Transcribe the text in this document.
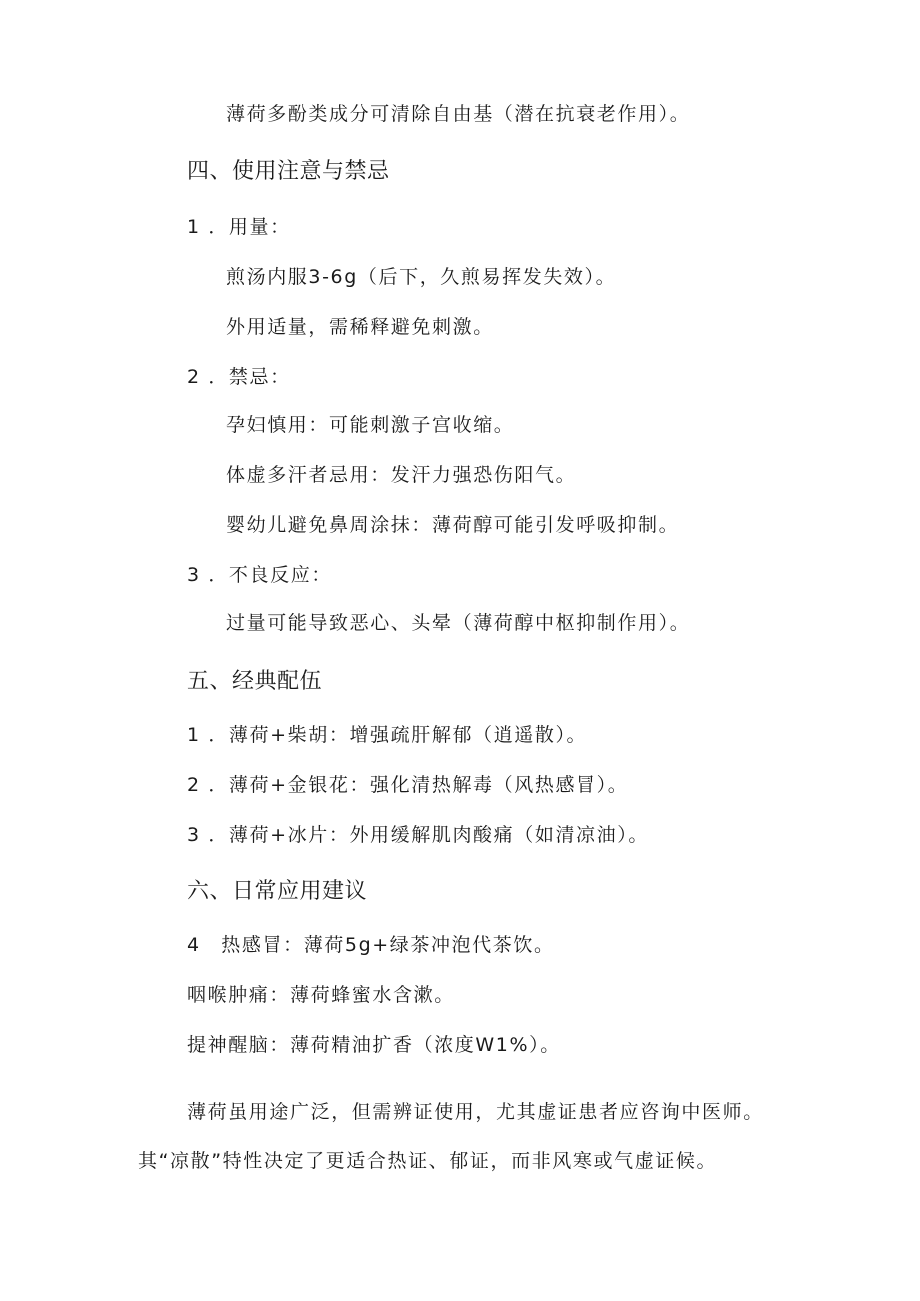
薄荷多酚类成分可清除自由基（潜在抗衰老作用）。
四、使用注意与禁忌
1 ．用量：
煎汤内服3-6g（后下，久煎易挥发失效）。
外用适量，需稀释避免刺激。
2 ．禁忌：
孕妇慎用：可能刺激子宫收缩。
体虚多汗者忌用：发汗力强恐伤阳气。
婴幼儿避免鼻周涂抹：薄荷醇可能引发呼吸抑制。
3 ．不良反应：
过量可能导致恶心、头晕（薄荷醇中枢抑制作用）。
五、经典配伍
1 ．薄荷+柴胡：增强疏肝解郁（逍遥散）。
2 ．薄荷+金银花：强化清热解毒（风热感冒）。
3 ．薄荷+冰片：外用缓解肌肉酸痛（如清凉油）。
六、日常应用建议
4　热感冒：薄荷5g+绿茶冲泡代茶饮。
咽喉肿痛：薄荷蜂蜜水含漱。
提神醒脑：薄荷精油扩香（浓度W1%）。
薄荷虽用途广泛，但需辨证使用，尤其虚证患者应咨询中医师。
其“凉散”特性决定了更适合热证、郁证，而非风寒或气虚证候。
